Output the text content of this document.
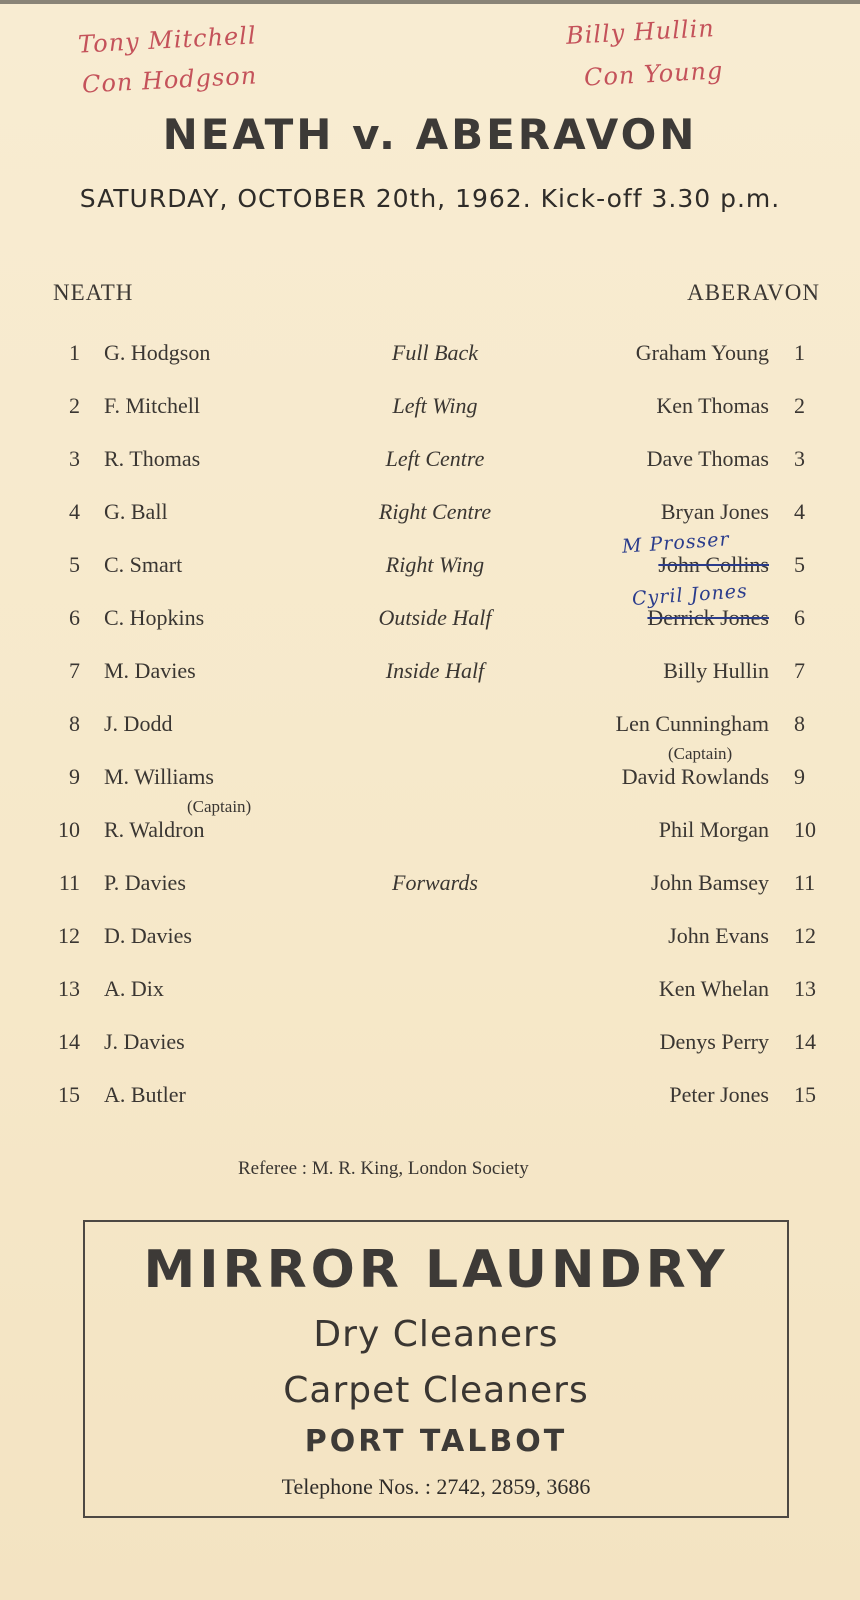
Tony Mitchell
Con Hodgson
Billy Hullin
Con Young
NEATH v. ABERAVON
SATURDAY, OCTOBER 20th, 1962. Kick-off 3.30 p.m.
NEATH	ABERAVON
1 G. Hodgson	Full Back	Graham Young 1
2 F. Mitchell	Left Wing	Ken Thomas 2
3 R. Thomas	Left Centre	Dave Thomas 3
4 G. Ball	Right Centre	Bryan Jones 4
5 C. Smart	Right Wing	John Collins 5
6 C. Hopkins	Outside Half	Derrick Jones 6
7 M. Davies	Inside Half	Billy Hullin 7
8 J. Dodd	Len Cunningham 8
9 M. Williams	David Rowlands 9
10 R. Waldron	Phil Morgan 10
11 P. Davies	Forwards	John Bamsey 11
12 D. Davies	John Evans 12
13 A. Dix	Ken Whelan 13
14 J. Davies	Denys Perry 14
15 A. Butler	Peter Jones 15
M Prosser
Cyril Jones
(Captain)
(Captain)
Referee : M. R. King, London Society
MIRROR LAUNDRY
Dry Cleaners
Carpet Cleaners
PORT TALBOT
Telephone Nos. : 2742, 2859, 3686
